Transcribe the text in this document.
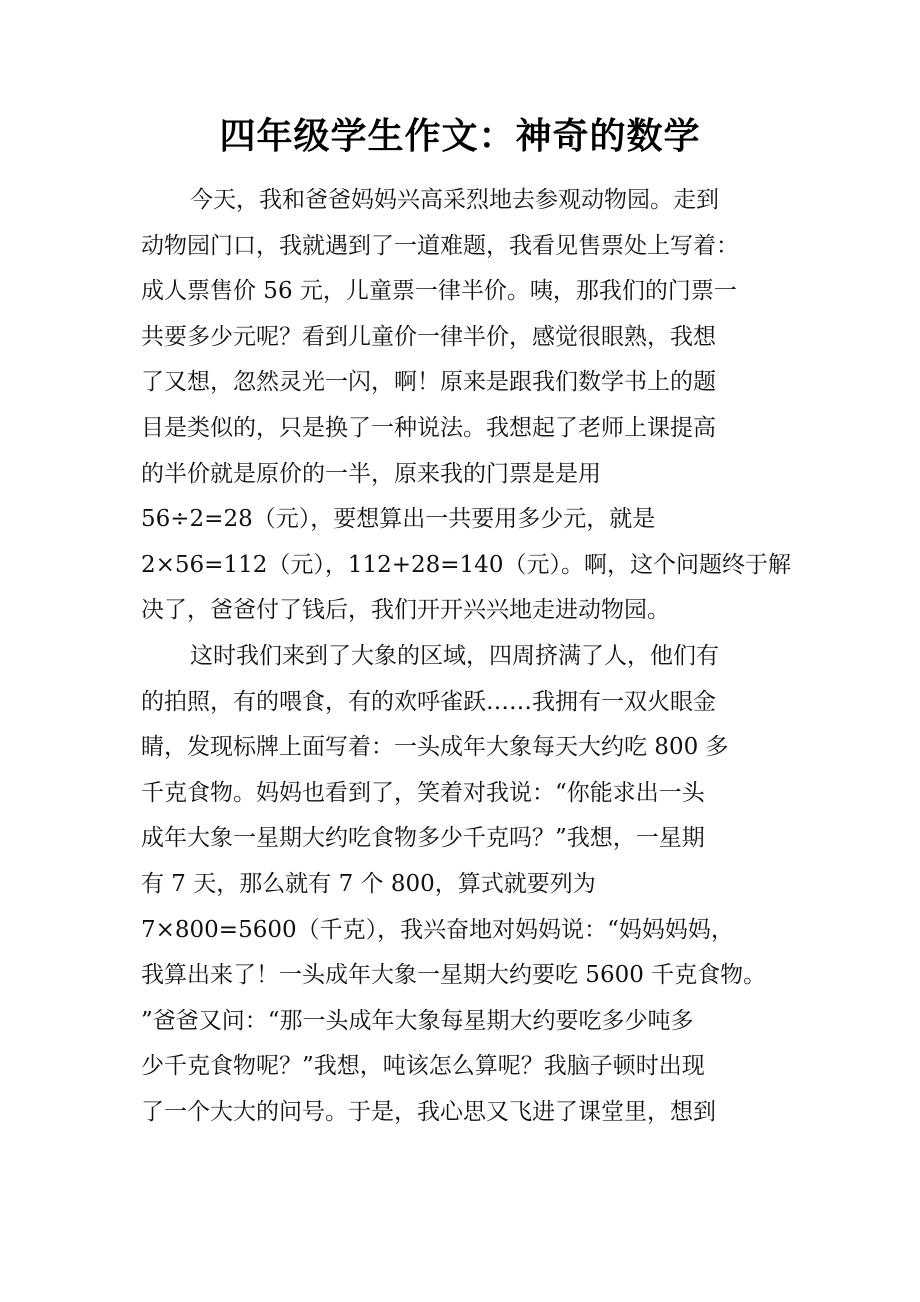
四年级学生作文：神奇的数学
今天，我和爸爸妈妈兴高采烈地去参观动物园。走到
动物园门口，我就遇到了一道难题，我看见售票处上写着：
成人票售价 56 元，儿童票一律半价。咦，那我们的门票一
共要多少元呢？看到儿童价一律半价，感觉很眼熟，我想
了又想，忽然灵光一闪，啊！原来是跟我们数学书上的题
目是类似的，只是换了一种说法。我想起了老师上课提高
的半价就是原价的一半，原来我的门票是是用
56÷2=28（元），要想算出一共要用多少元，就是
2×56=112（元），112+28=140（元）。啊，这个问题终于解
决了，爸爸付了钱后，我们开开兴兴地走进动物园。
这时我们来到了大象的区域，四周挤满了人，他们有
的拍照，有的喂食，有的欢呼雀跃……我拥有一双火眼金
睛，发现标牌上面写着：一头成年大象每天大约吃 800 多
千克食物。妈妈也看到了，笑着对我说：“你能求出一头
成年大象一星期大约吃食物多少千克吗？”我想，一星期
有 7 天，那么就有 7 个 800，算式就要列为
7×800=5600（千克），我兴奋地对妈妈说：“妈妈妈妈，
我算出来了！一头成年大象一星期大约要吃 5600 千克食物。
”爸爸又问：“那一头成年大象每星期大约要吃多少吨多
少千克食物呢？”我想，吨该怎么算呢？我脑子顿时出现
了一个大大的问号。于是，我心思又飞进了课堂里，想到
